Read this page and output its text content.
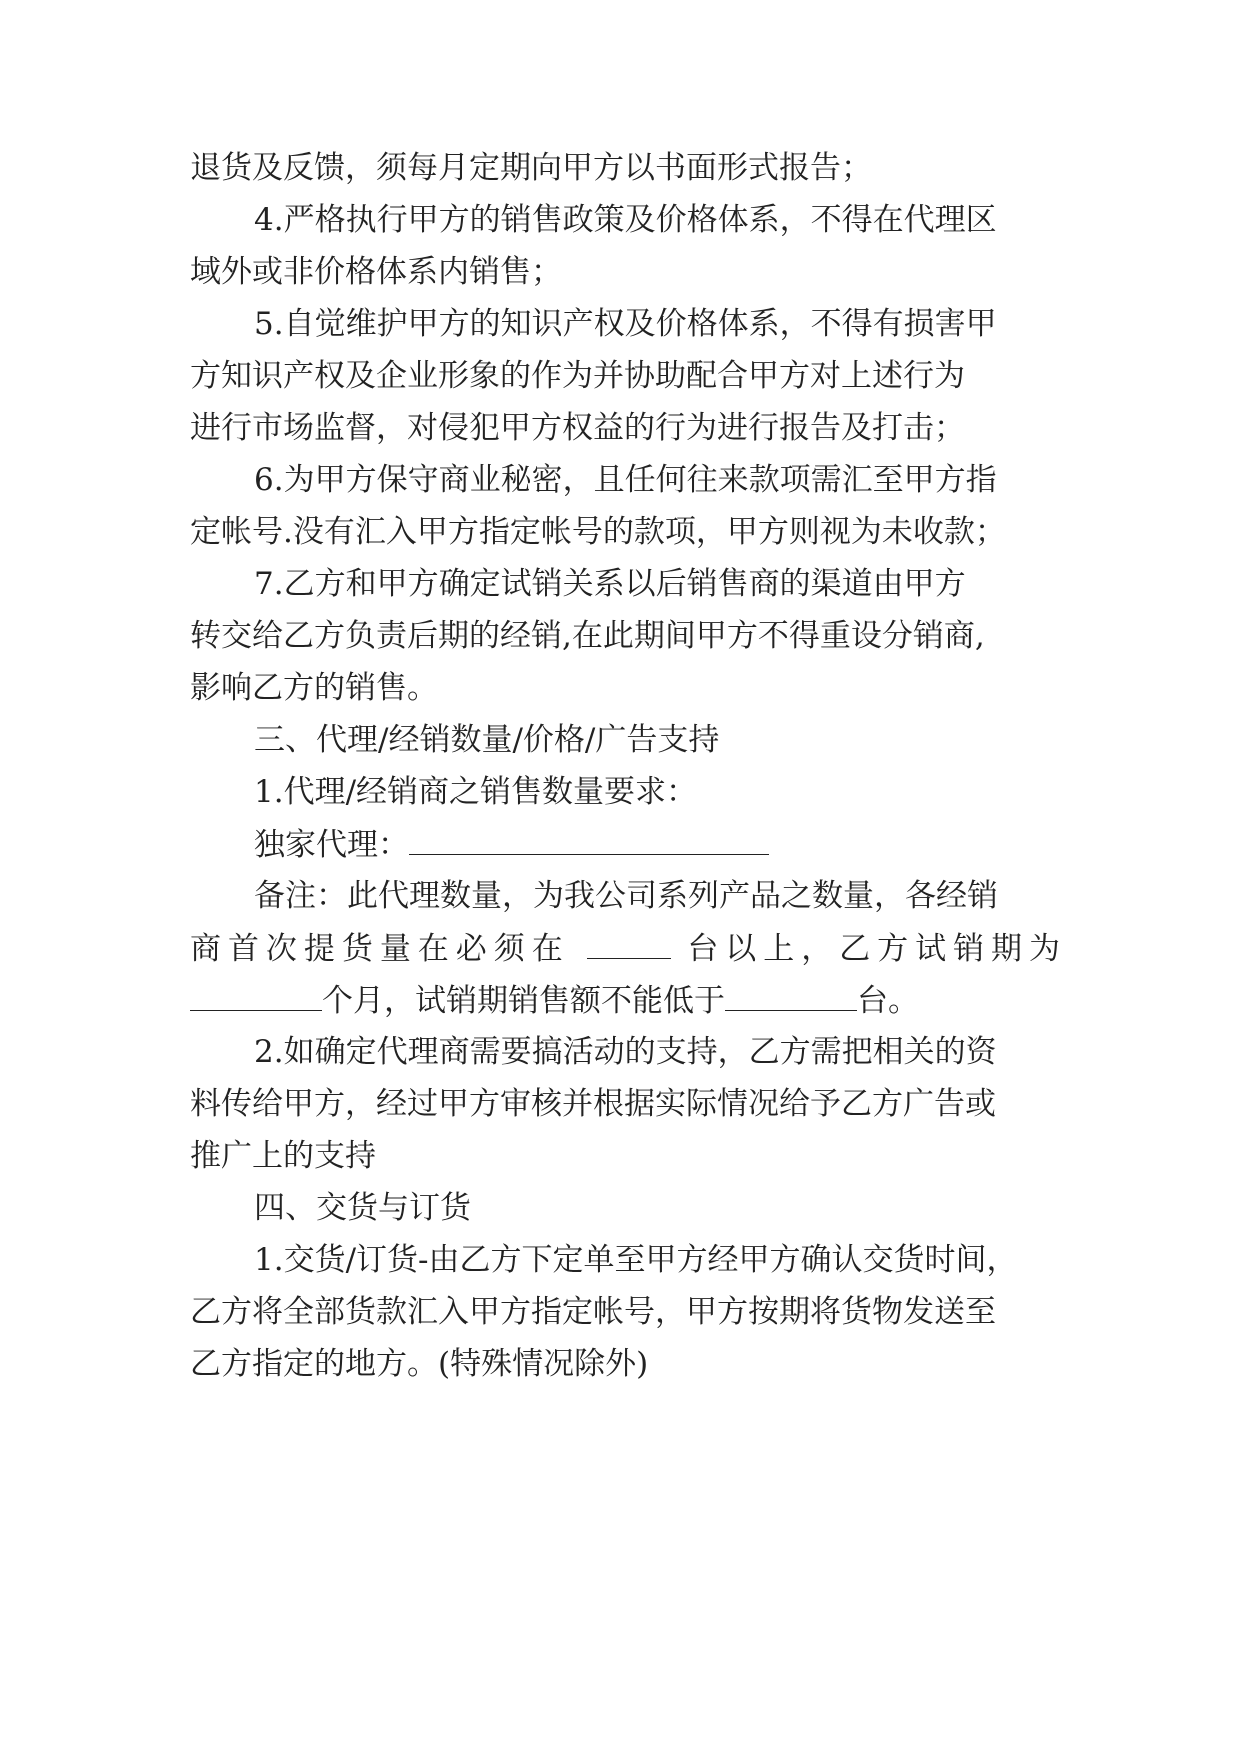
退货及反馈，须每月定期向甲方以书面形式报告；
4.严格执行甲方的销售政策及价格体系，不得在代理区
域外或非价格体系内销售；
5.自觉维护甲方的知识产权及价格体系，不得有损害甲
方知识产权及企业形象的作为并协助配合甲方对上述行为
进行市场监督，对侵犯甲方权益的行为进行报告及打击；
6.为甲方保守商业秘密，且任何往来款项需汇至甲方指
定帐号.没有汇入甲方指定帐号的款项，甲方则视为未收款；
7.乙方和甲方确定试销关系以后销售商的渠道由甲方
转交给乙方负责后期的经销,在此期间甲方不得重设分销商,
影响乙方的销售。
三、代理/经销数量/价格/广告支持
1.代理/经销商之销售数量要求：
独家代理：
备注：此代理数量，为我公司系列产品之数量，各经销
商首次提货量在必须在	台以上，乙方试销期为
个月，试销期销售额不能低于	台。
2.如确定代理商需要搞活动的支持，乙方需把相关的资
料传给甲方，经过甲方审核并根据实际情况给予乙方广告或
推广上的支持
四、交货与订货
1.交货/订货-由乙方下定单至甲方经甲方确认交货时间，
乙方将全部货款汇入甲方指定帐号，甲方按期将货物发送至
乙方指定的地方。(特殊情况除外)
